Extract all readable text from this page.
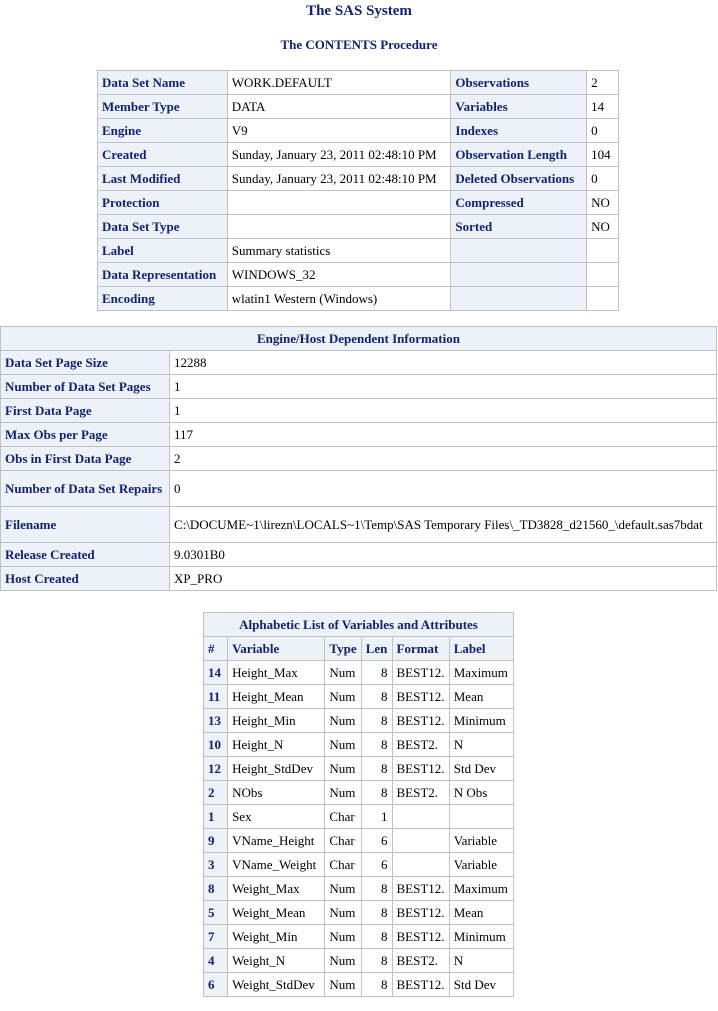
The SAS System
The CONTENTS Procedure
Data Set Name	WORK.DEFAULT	Observations	2
Member Type	DATA	Variables	14
Engine	V9	Indexes	0
Created	Sunday, January 23, 2011 02:48:10 PM	Observation Length	104
Last Modified	Sunday, January 23, 2011 02:48:10 PM	Deleted Observations	0
Protection		Compressed	NO
Data Set Type		Sorted	NO
Label	Summary statistics		
Data Representation	WINDOWS_32		
Encoding	wlatin1 Western (Windows)		
Engine/Host Dependent Information	
Data Set Page Size	12288
Number of Data Set Pages	1
First Data Page	1
Max Obs per Page	117
Obs in First Data Page	2
Number of Data Set Repairs	0
Filename	C:\DOCUME~1\lirezn\LOCALS~1\Temp\SAS Temporary Files\_TD3828_d21560_\default.sas7bdat
Release Created	9.0301B0
Host Created	XP_PRO
Alphabetic List of Variables and Attributes					
#	Variable	Type	Len	Format	Label
14	Height_Max	Num	8	BEST12.	Maximum
11	Height_Mean	Num	8	BEST12.	Mean
13	Height_Min	Num	8	BEST12.	Minimum
10	Height_N	Num	8	BEST2.	N
12	Height_StdDev	Num	8	BEST12.	Std Dev
2	NObs	Num	8	BEST2.	N Obs
1	Sex	Char	1		
9	VName_Height	Char	6		Variable
3	VName_Weight	Char	6		Variable
8	Weight_Max	Num	8	BEST12.	Maximum
5	Weight_Mean	Num	8	BEST12.	Mean
7	Weight_Min	Num	8	BEST12.	Minimum
4	Weight_N	Num	8	BEST2.	N
6	Weight_StdDev	Num	8	BEST12.	Std Dev
